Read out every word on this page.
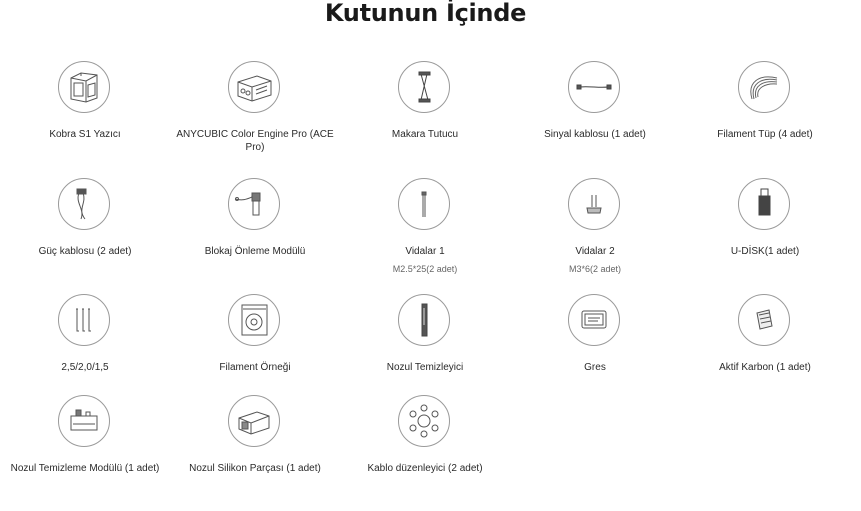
Kutunun İçinde
Kobra S1 Yazıcı	ANYCUBIC Color Engine Pro (ACE Pro)
Makara Tutucu	Sinyal kablosu (1 adet)	Filament Tüp (4 adet)
Güç kablosu (2 adet)	Blokaj Önleme Modülü	Vidalar 1
M2.5*25(2 adet)
Vidalar 2
M3*6(2 adet)
U-DİSK(1 adet)
2,5/2,0/1,5	Filament Örneği	Nozul Temizleyici	Gres	Aktif Karbon (1 adet)
Nozul Temizleme Modülü (1 adet)	Nozul Silikon Parçası (1 adet)	Kablo düzenleyici (2 adet)
